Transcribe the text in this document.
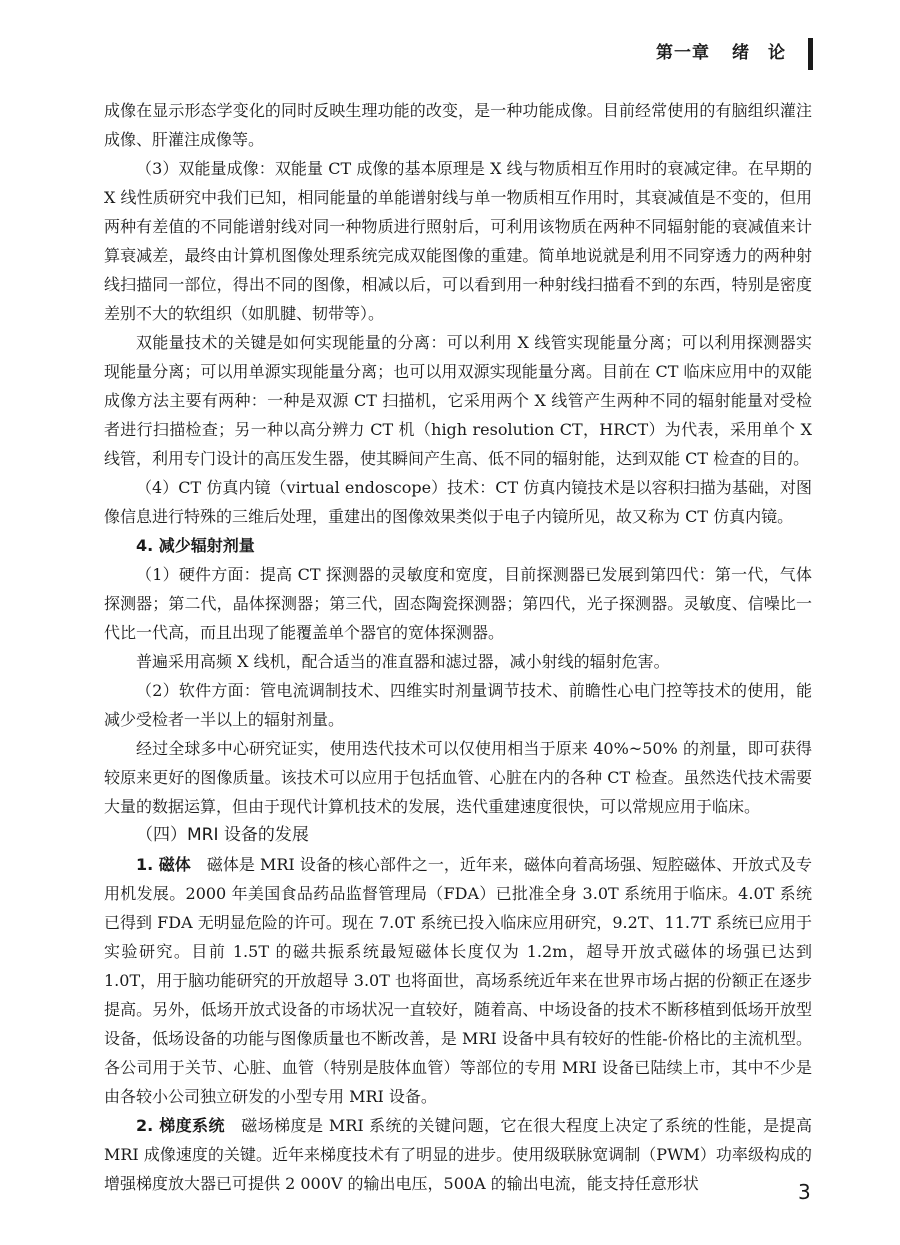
第一章 绪　论

成像在显示形态学变化的同时反映生理功能的改变，是一种功能成像。目前经常使用的有脑组织灌注成像、肝灌注成像等。

（3）双能量成像：双能量 CT 成像的基本原理是 X 线与物质相互作用时的衰减定律。在早期的 X 线性质研究中我们已知，相同能量的单能谱射线与单一物质相互作用时，其衰减值是不变的，但用两种有差值的不同能谱射线对同一种物质进行照射后，可利用该物质在两种不同辐射能的衰减值来计算衰减差，最终由计算机图像处理系统完成双能图像的重建。简单地说就是利用不同穿透力的两种射线扫描同一部位，得出不同的图像，相减以后，可以看到用一种射线扫描看不到的东西，特别是密度差别不大的软组织（如肌腱、韧带等）。

双能量技术的关键是如何实现能量的分离：可以利用 X 线管实现能量分离；可以利用探测器实现能量分离；可以用单源实现能量分离；也可以用双源实现能量分离。目前在 CT 临床应用中的双能成像方法主要有两种：一种是双源 CT 扫描机，它采用两个 X 线管产生两种不同的辐射能量对受检者进行扫描检查；另一种以高分辨力 CT 机（high resolution CT，HRCT）为代表，采用单个 X 线管，利用专门设计的高压发生器，使其瞬间产生高、低不同的辐射能，达到双能 CT 检查的目的。

（4）CT 仿真内镜（virtual endoscope）技术：CT 仿真内镜技术是以容积扫描为基础，对图像信息进行特殊的三维后处理，重建出的图像效果类似于电子内镜所见，故又称为 CT 仿真内镜。

4. 减少辐射剂量

（1）硬件方面：提高 CT 探测器的灵敏度和宽度，目前探测器已发展到第四代：第一代，气体探测器；第二代，晶体探测器；第三代，固态陶瓷探测器；第四代，光子探测器。灵敏度、信噪比一代比一代高，而且出现了能覆盖单个器官的宽体探测器。

普遍采用高频 X 线机，配合适当的准直器和滤过器，减小射线的辐射危害。

（2）软件方面：管电流调制技术、四维实时剂量调节技术、前瞻性心电门控等技术的使用，能减少受检者一半以上的辐射剂量。

经过全球多中心研究证实，使用迭代技术可以仅使用相当于原来 40%~50% 的剂量，即可获得较原来更好的图像质量。该技术可以应用于包括血管、心脏在内的各种 CT 检查。虽然迭代技术需要大量的数据运算，但由于现代计算机技术的发展，迭代重建速度很快，可以常规应用于临床。

（四）MRI 设备的发展

1. 磁体　 磁体是 MRI 设备的核心部件之一，近年来，磁体向着高场强、短腔磁体、开放式及专用机发展。2000 年美国食品药品监督管理局（FDA）已批准全身 3.0T 系统用于临床。4.0T 系统已得到 FDA 无明显危险的许可。现在 7.0T 系统已投入临床应用研究，9.2T、11.7T 系统已应用于实验研究。目前 1.5T 的磁共振系统最短磁体长度仅为 1.2m，超导开放式磁体的场强已达到 1.0T，用于脑功能研究的开放超导 3.0T 也将面世，高场系统近年来在世界市场占据的份额正在逐步提高。另外，低场开放式设备的市场状况一直较好，随着高、中场设备的技术不断移植到低场开放型设备，低场设备的功能与图像质量也不断改善，是 MRI 设备中具有较好的性能-价格比的主流机型。各公司用于关节、心脏、血管（特别是肢体血管）等部位的专用 MRI 设备已陆续上市，其中不少是由各较小公司独立研发的小型专用 MRI 设备。

2. 梯度系统　 磁场梯度是 MRI 系统的关键问题，它在很大程度上决定了系统的性能，是提高 MRI 成像速度的关键。近年来梯度技术有了明显的进步。使用级联脉宽调制（PWM）功率级构成的增强梯度放大器已可提供 2 000V 的输出电压，500A 的输出电流，能支持任意形状	3
